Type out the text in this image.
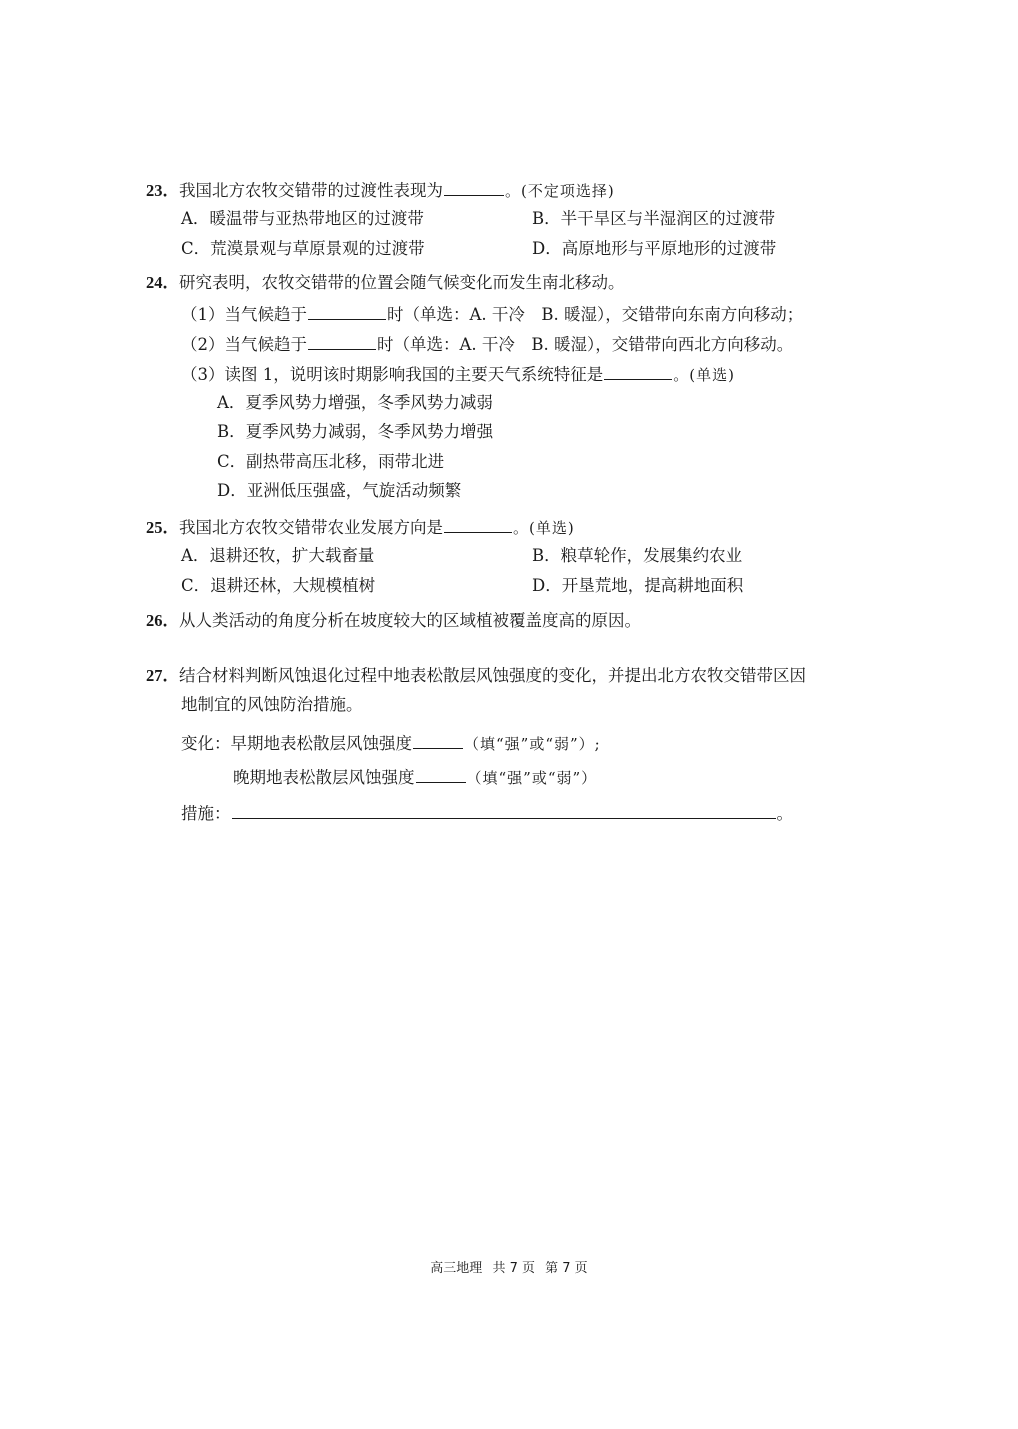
23．我国北方农牧交错带的过渡性表现为	。(不定项选择)
A．暖温带与亚热带地区的过渡带	B．半干旱区与半湿润区的过渡带
C．荒漠景观与草原景观的过渡带	D．高原地形与平原地形的过渡带
24．研究表明，农牧交错带的位置会随气候变化而发生南北移动。
（1）当气候趋于	时（单选：A. 干冷　B. 暖湿），交错带向东南方向移动；
（2）当气候趋于	时（单选：A. 干冷　B. 暖湿），交错带向西北方向移动。
（3）读图 1，说明该时期影响我国的主要天气系统特征是	。(单选)
A．夏季风势力增强，冬季风势力减弱
B．夏季风势力减弱，冬季风势力增强
C．副热带高压北移，雨带北进
D．亚洲低压强盛，气旋活动频繁
25．我国北方农牧交错带农业发展方向是	。(单选)
A．退耕还牧，扩大载畜量	B．粮草轮作，发展集约农业
C．退耕还林，大规模植树	D．开垦荒地，提高耕地面积
26．从人类活动的角度分析在坡度较大的区域植被覆盖度高的原因。
27．结合材料判断风蚀退化过程中地表松散层风蚀强度的变化，并提出北方农牧交错带区因
地制宜的风蚀防治措施。
变化：早期地表松散层风蚀强度	（填“强”或“弱”）;
晚期地表松散层风蚀强度	（填“强”或“弱”）
措施：	。
高三地理 共 7 页 第 7 页
